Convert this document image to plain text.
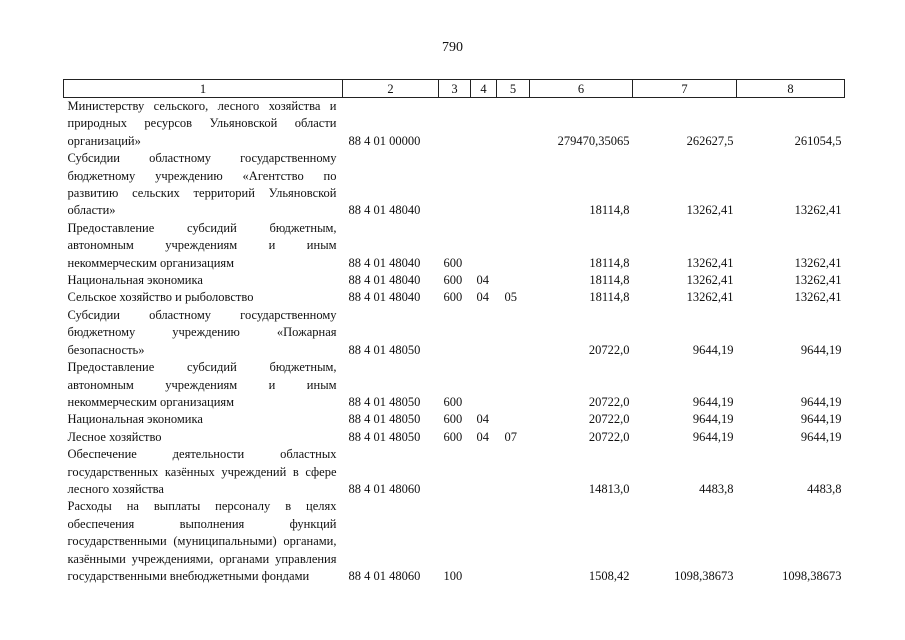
790
1	2	3	4	5	6	7	8
Министерству сельского, лесного хозяйства и природных ресурсов Ульяновской области организаций»	88 4 01 00000				279470,35065	262627,5	261054,5
Субсидии областному государственному бюджетному учреждению «Агентство по развитию сельских территорий Ульяновской области»	88 4 01 48040				18114,8	13262,41	13262,41
Предоставление субсидий бюджетным, автономным учреждениям и иным некоммерческим организациям	88 4 01 48040	600			18114,8	13262,41	13262,41
Национальная экономика	88 4 01 48040	600	04		18114,8	13262,41	13262,41
Сельское хозяйство и рыболовство	88 4 01 48040	600	04	05	18114,8	13262,41	13262,41
Субсидии областному государственному бюджетному учреждению «Пожарная безопасность»	88 4 01 48050				20722,0	9644,19	9644,19
Предоставление субсидий бюджетным, автономным учреждениям и иным некоммерческим организациям	88 4 01 48050	600			20722,0	9644,19	9644,19
Национальная экономика	88 4 01 48050	600	04		20722,0	9644,19	9644,19
Лесное хозяйство	88 4 01 48050	600	04	07	20722,0	9644,19	9644,19
Обеспечение деятельности областных государственных казённых учреждений в сфере лесного хозяйства	88 4 01 48060				14813,0	4483,8	4483,8
Расходы на выплаты персоналу в целях обеспечения выполнения функций государственными (муниципальными) органами, казёнными учреждениями, органами управления государственными внебюджетными фондами	88 4 01 48060	100			1508,42	1098,38673	1098,38673
